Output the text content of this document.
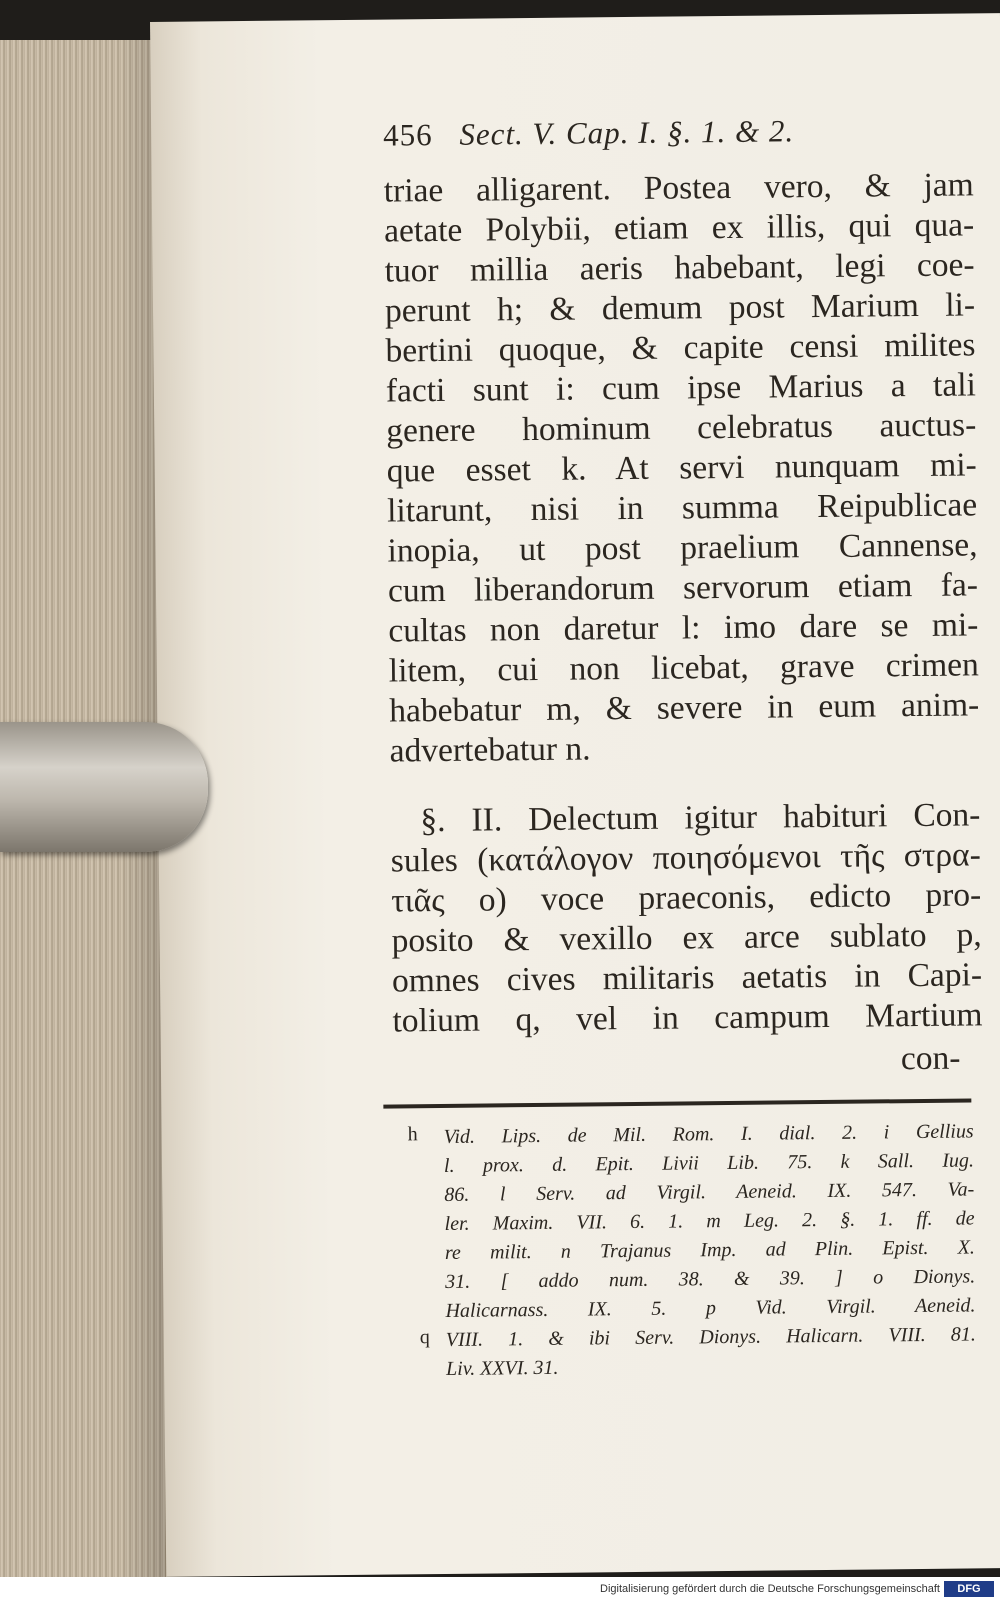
456 Sect. V. Cap. I. §. 1. & 2.
triae alligarent. Postea vero, & jam
aetate Polybii, etiam ex illis, qui qua-
tuor millia aeris habebant, legi coe-
perunt h; & demum post Marium li-
bertini quoque, & capite censi milites
facti sunt i: cum ipse Marius a tali
genere hominum celebratus auctus-
que esset k. At servi nunquam mi-
litarunt, nisi in summa Reipublicae
inopia, ut post praelium Cannense,
cum liberandorum servorum etiam fa-
cultas non daretur l: imo dare se mi-
litem, cui non licebat, grave crimen
habebatur m, & severe in eum anim-
advertebatur n.
§. II. Delectum igitur habituri Con-
sules (κατάλογον ποιησόμενοι τῆς στρα-
τιᾶς o) voce praeconis, edicto pro-
posito & vexillo ex arce sublato p,
omnes cives militaris aetatis in Capi-
tolium q, vel in campum Martium
con-
h
q
Vid. Lips. de Mil. Rom. I. dial. 2. i Gellius
l. prox. d. Epit. Livii Lib. 75. k Sall. Iug.
86. l Serv. ad Virgil. Aeneid. IX. 547. Va-
ler. Maxim. VII. 6. 1. m Leg. 2. §. 1. ff. de
re milit. n Trajanus Imp. ad Plin. Epist. X.
31. [ addo num. 38. & 39. ] o Dionys.
Halicarnass. IX. 5. p Vid. Virgil. Aeneid.
VIII. 1. & ibi Serv. Dionys. Halicarn. VIII. 81.
Liv. XXVI. 31.
Digitalisierung gefördert durch die Deutsche Forschungsgemeinschaft	DFG
